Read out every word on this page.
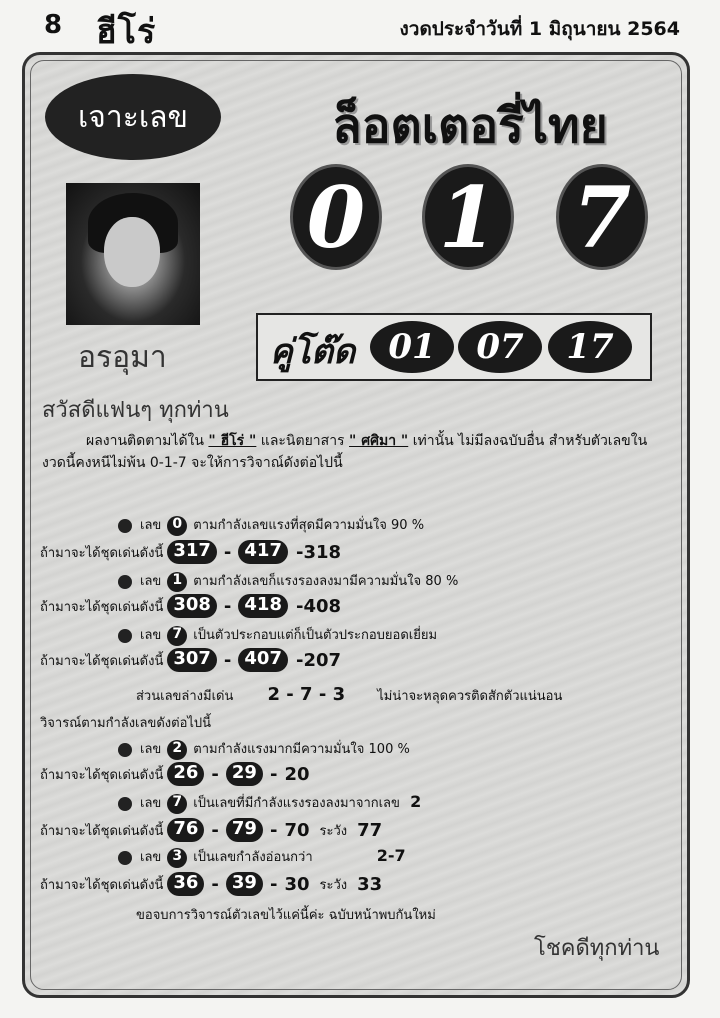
8 ฮีโร่	งวดประจำวันที่ 1 มิถุนายน 2564
เจาะเลข	ล็อตเตอรี่ไทย
0 1 7
อรอุมา	คู่โต๊ด 01	07	17
สวัสดีแฟนๆ ทุกท่าน
ผลงานติดตามได้ใน " ฮีโร่ " และนิตยาสาร " ศศิมา " เท่านั้น ไม่มีลงฉบับอื่น สำหรับตัวเลขในงวดนี้คงหนีไม่พ้น 0-1-7 จะให้การวิจาณ์ดังต่อไปนี้
เลข 0 ตามกำลังเลขแรงที่สุดมีความมั่นใจ 90 %
ถ้ามาจะได้ชุดเด่นดังนี้ 317 - 417 -318
เลข 1 ตามกำลังเลขก็แรงรองลงมามีความมั่นใจ 80 %
ถ้ามาจะได้ชุดเด่นดังนี้ 308 - 418 -408
เลข 7 เป็นตัวประกอบแต่ก็เป็นตัวประกอบยอดเยี่ยม
ถ้ามาจะได้ชุดเด่นดังนี้ 307 - 407 -207
ส่วนเลขล่างมีเด่น 2 - 7 - 3 ไม่น่าจะหลุดควรติดสักตัวแน่นอน
วิจารณ์ตามกำลังเลขดังต่อไปนี้
เลข 2 ตามกำลังแรงมากมีความมั่นใจ 100 %
ถ้ามาจะได้ชุดเด่นดังนี้ 26 - 29 - 20
เลข 7 เป็นเลขที่มีกำลังแรงรองลงมาจากเลข 2
ถ้ามาจะได้ชุดเด่นดังนี้ 76 - 79 - 70 ระวัง 77
เลข 3 เป็นเลขกำลังอ่อนกว่า	2-7
ถ้ามาจะได้ชุดเด่นดังนี้ 36 - 39 - 30 ระวัง 33
ขอจบการวิจารณ์ตัวเลขไว้แค่นี้ค่ะ ฉบับหน้าพบกันใหม่
โชคดีทุกท่าน
